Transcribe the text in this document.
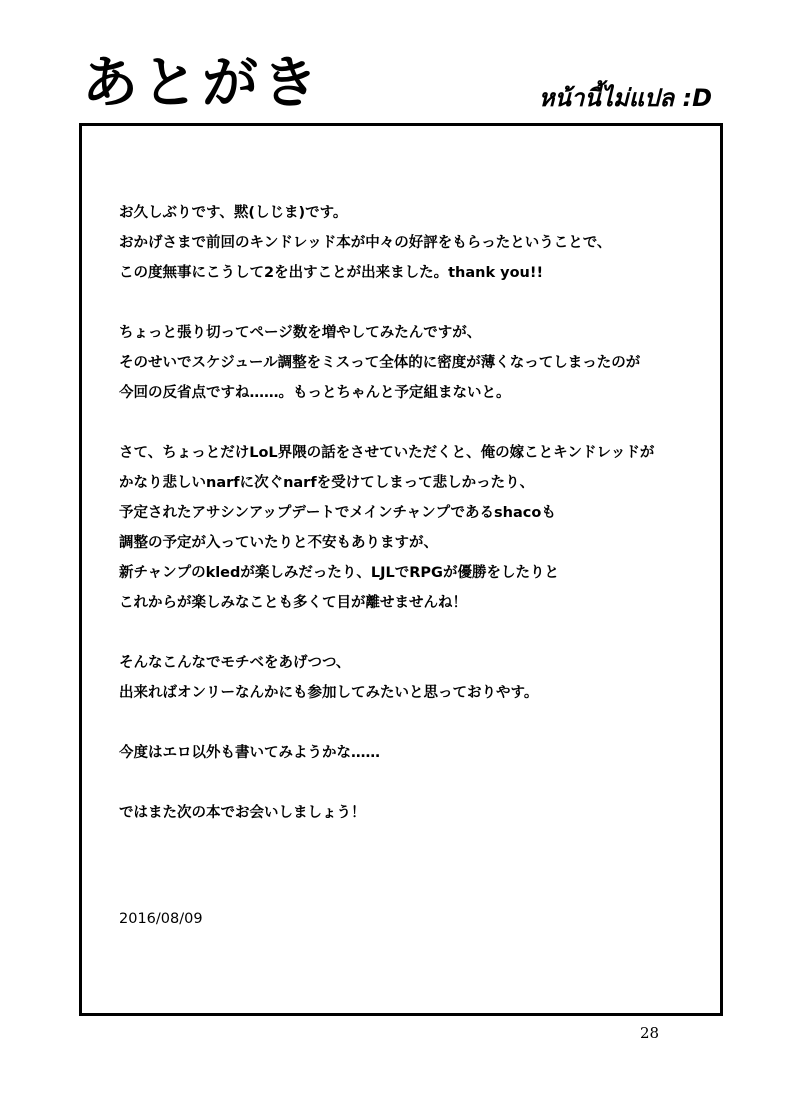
あとがき	หน้านี้ไม่แปล :D
お久しぶりです、黙(しじま)です。
おかげさまで前回のキンドレッド本が中々の好評をもらったということで、
この度無事にこうして2を出すことが出来ました。thank you!!
ちょっと張り切ってページ数を増やしてみたんですが、
そのせいでスケジュール調整をミスって全体的に密度が薄くなってしまったのが
今回の反省点ですね……。もっとちゃんと予定組まないと。
さて、ちょっとだけLoL界隈の話をさせていただくと、俺の嫁ことキンドレッドが
かなり悲しいnarfに次ぐnarfを受けてしまって悲しかったり、
予定されたアサシンアップデートでメインチャンプであるshacoも
調整の予定が入っていたりと不安もありますが、
新チャンプのkledが楽しみだったり、LJLでRPGが優勝をしたりと
これからが楽しみなことも多くて目が離せませんね！
そんなこんなでモチベをあげつつ、
出来ればオンリーなんかにも参加してみたいと思っておりやす。
今度はエロ以外も書いてみようかな……
ではまた次の本でお会いしましょう！
2016/08/09
28
